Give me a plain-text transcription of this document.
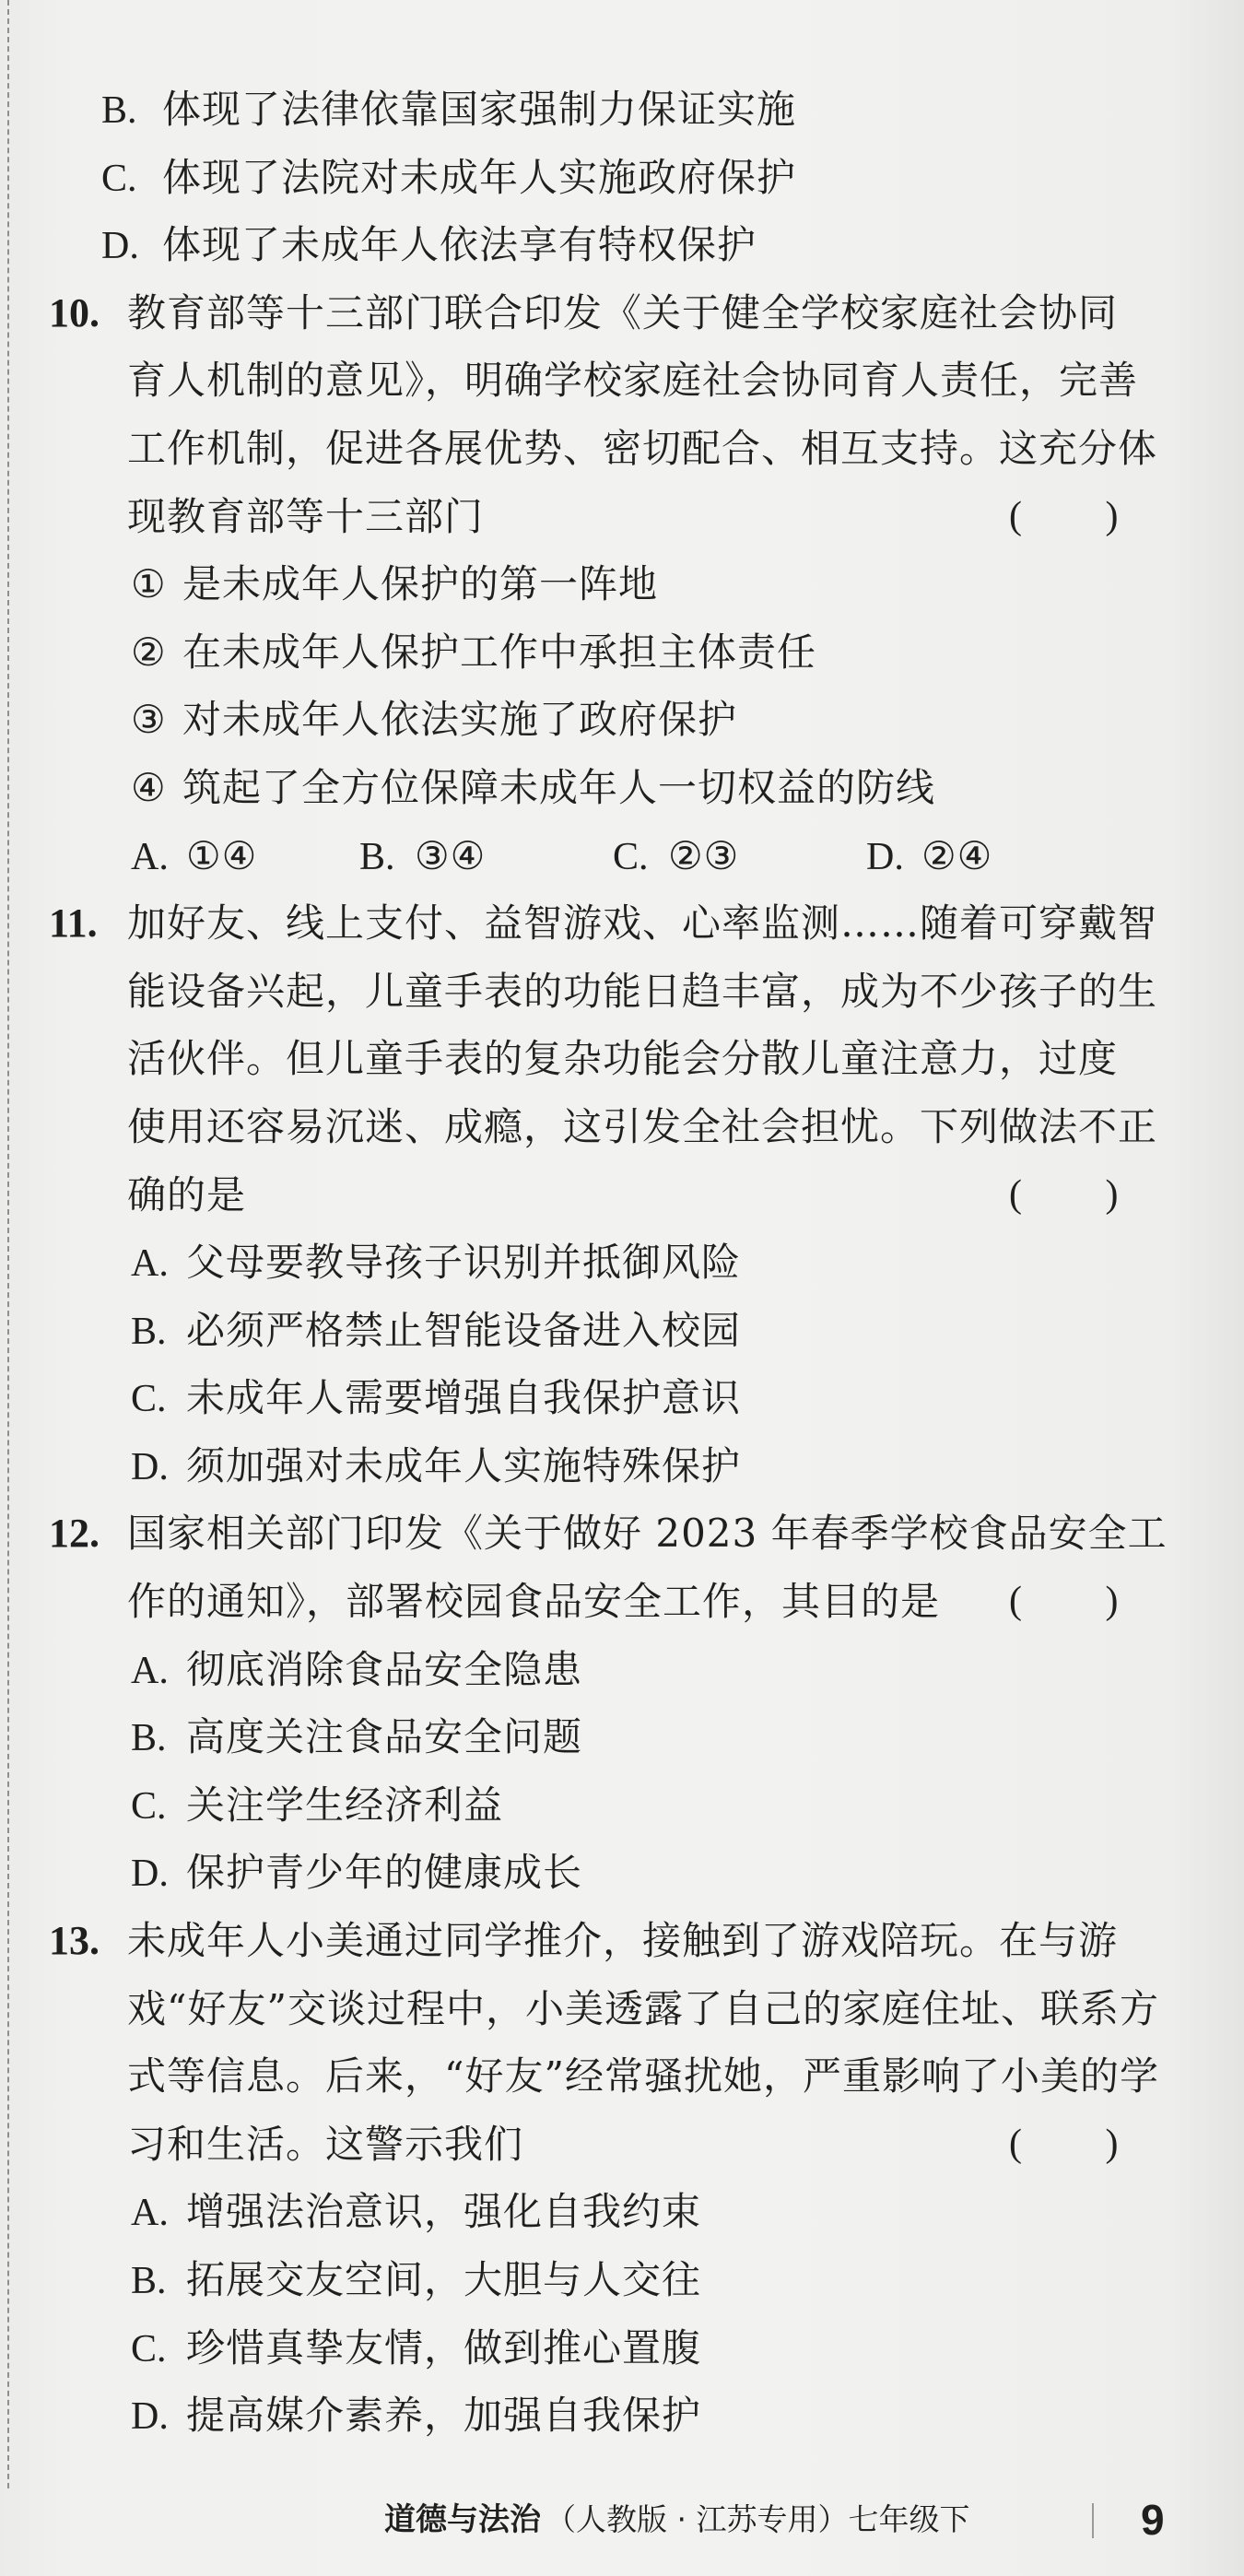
B. 体现了法律依靠国家强制力保证实施
C. 体现了法院对未成年人实施政府保护
D. 体现了未成年人依法享有特权保护
10. 教育部等十三部门联合印发《关于健全学校家庭社会协同
育人机制的意见》，明确学校家庭社会协同育人责任，完善
工作机制，促进各展优势、密切配合、相互支持。这充分体
现教育部等十三部门	( )
① 是未成年人保护的第一阵地
② 在未成年人保护工作中承担主体责任
③ 对未成年人依法实施了政府保护
④ 筑起了全方位保障未成年人一切权益的防线
A. ①④	B. ③④	C. ②③	D. ②④
11. 加好友、线上支付、益智游戏、心率监测……随着可穿戴智
能设备兴起，儿童手表的功能日趋丰富，成为不少孩子的生
活伙伴。但儿童手表的复杂功能会分散儿童注意力，过度
使用还容易沉迷、成瘾，这引发全社会担忧。下列做法不正
确的是	( )
A. 父母要教导孩子识别并抵御风险
B. 必须严格禁止智能设备进入校园
C. 未成年人需要增强自我保护意识
D. 须加强对未成年人实施特殊保护
12. 国家相关部门印发《关于做好 2023 年春季学校食品安全工
作的通知》，部署校园食品安全工作，其目的是 ( )
A. 彻底消除食品安全隐患
B. 高度关注食品安全问题
C. 关注学生经济利益
D. 保护青少年的健康成长
13. 未成年人小美通过同学推介，接触到了游戏陪玩。在与游
戏“好友”交谈过程中，小美透露了自己的家庭住址、联系方
式等信息。后来，“好友”经常骚扰她，严重影响了小美的学
习和生活。这警示我们	( )
A. 增强法治意识，强化自我约束
B. 拓展交友空间，大胆与人交往
C. 珍惜真挚友情，做到推心置腹
D. 提高媒介素养，加强自我保护
道德与法治 （人教版 · 江苏专用）七年级下	9
